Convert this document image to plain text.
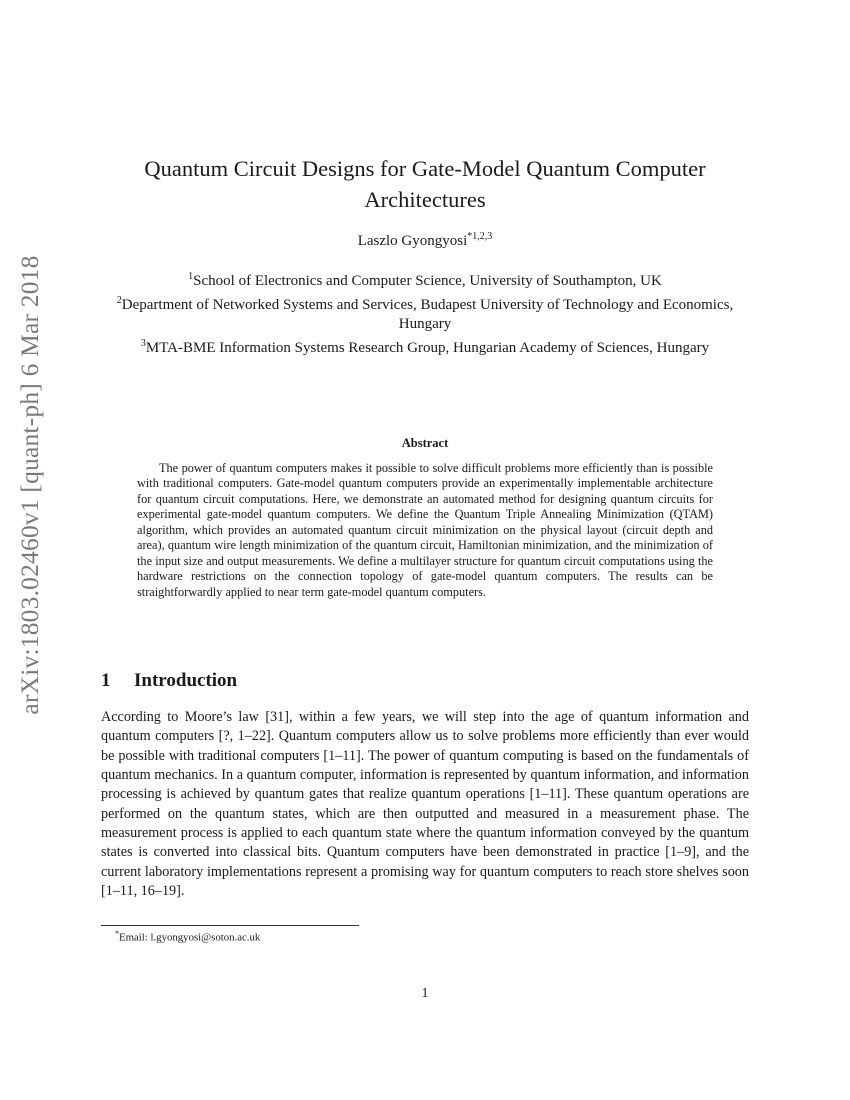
arXiv:1803.02460v1 [quant-ph] 6 Mar 2018
Quantum Circuit Designs for Gate-Model Quantum Computer Architectures
Laszlo Gyongyosi$^{*1,2,3}$
$^1$School of Electronics and Computer Science, University of Southampton, UK
$^2$Department of Networked Systems and Services, Budapest University of Technology and Economics, Hungary
$^3$MTA-BME Information Systems Research Group, Hungarian Academy of Sciences, Hungary
Abstract
The power of quantum computers makes it possible to solve difficult problems more efficiently than is possible with traditional computers. Gate-model quantum computers provide an experimentally implementable architecture for quantum circuit computations. Here, we demonstrate an automated method for designing quantum circuits for experimental gate-model quantum computers. We define the Quantum Triple Annealing Minimization (QTAM) algorithm, which provides an automated quantum circuit minimization on the physical layout (circuit depth and area), quantum wire length minimization of the quantum circuit, Hamiltonian minimization, and the minimization of the input size and output measurements. We define a multilayer structure for quantum circuit computations using the hardware restrictions on the connection topology of gate-model quantum computers. The results can be straightforwardly applied to near term gate-model quantum computers.
1 Introduction
According to Moore’s law [31], within a few years, we will step into the age of quantum information and quantum computers [?, 1–22]. Quantum computers allow us to solve problems more efficiently than ever would be possible with traditional computers [1–11]. The power of quantum computing is based on the fundamentals of quantum mechanics. In a quantum computer, information is represented by quantum information, and information processing is achieved by quantum gates that realize quantum operations [1–11]. These quantum operations are performed on the quantum states, which are then outputted and measured in a measurement phase. The measurement process is applied to each quantum state where the quantum information conveyed by the quantum states is converted into classical bits. Quantum computers have been demonstrated in practice [1–9], and the current laboratory implementations represent a promising way for quantum computers to reach store shelves soon [1–11, 16–19].
*Email: l.gyongyosi@soton.ac.uk
1
